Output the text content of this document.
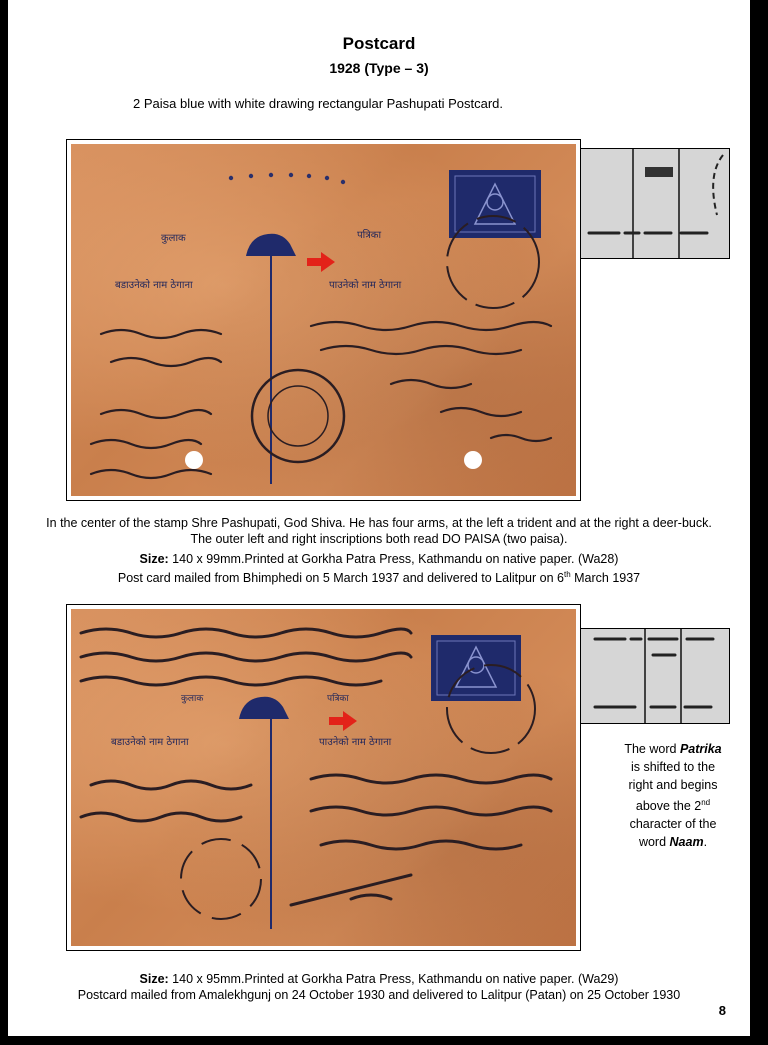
Postcard
1928 (Type – 3)
2 Paisa blue with white drawing rectangular Pashupati Postcard.
कुलाक	पत्रिका
बडाउनेको नाम ठेगाना	पाउनेको नाम ठेगाना
In the center of the stamp Shre Pashupati, God Shiva. He has four arms, at the left a trident and at the right a deer-buck.
The outer left and right inscriptions both read DO PAISA (two paisa).
Size: 140 x 99mm.Printed at Gorkha Patra Press, Kathmandu on native paper. (Wa28)
Post card mailed from Bhimphedi on 5 March 1937 and delivered to Lalitpur on 6th March 1937
कुलाक	पत्रिका
बडाउनेको नाम ठेगाना	पाउनेको नाम ठेगाना	The word Patrika
is shifted to the
right and begins
above the 2nd
character of the
word Naam.
Size: 140 x 95mm.Printed at Gorkha Patra Press, Kathmandu on native paper. (Wa29)
Postcard mailed from Amalekhgunj on 24 October 1930 and delivered to Lalitpur (Patan) on 25 October 1930
8
